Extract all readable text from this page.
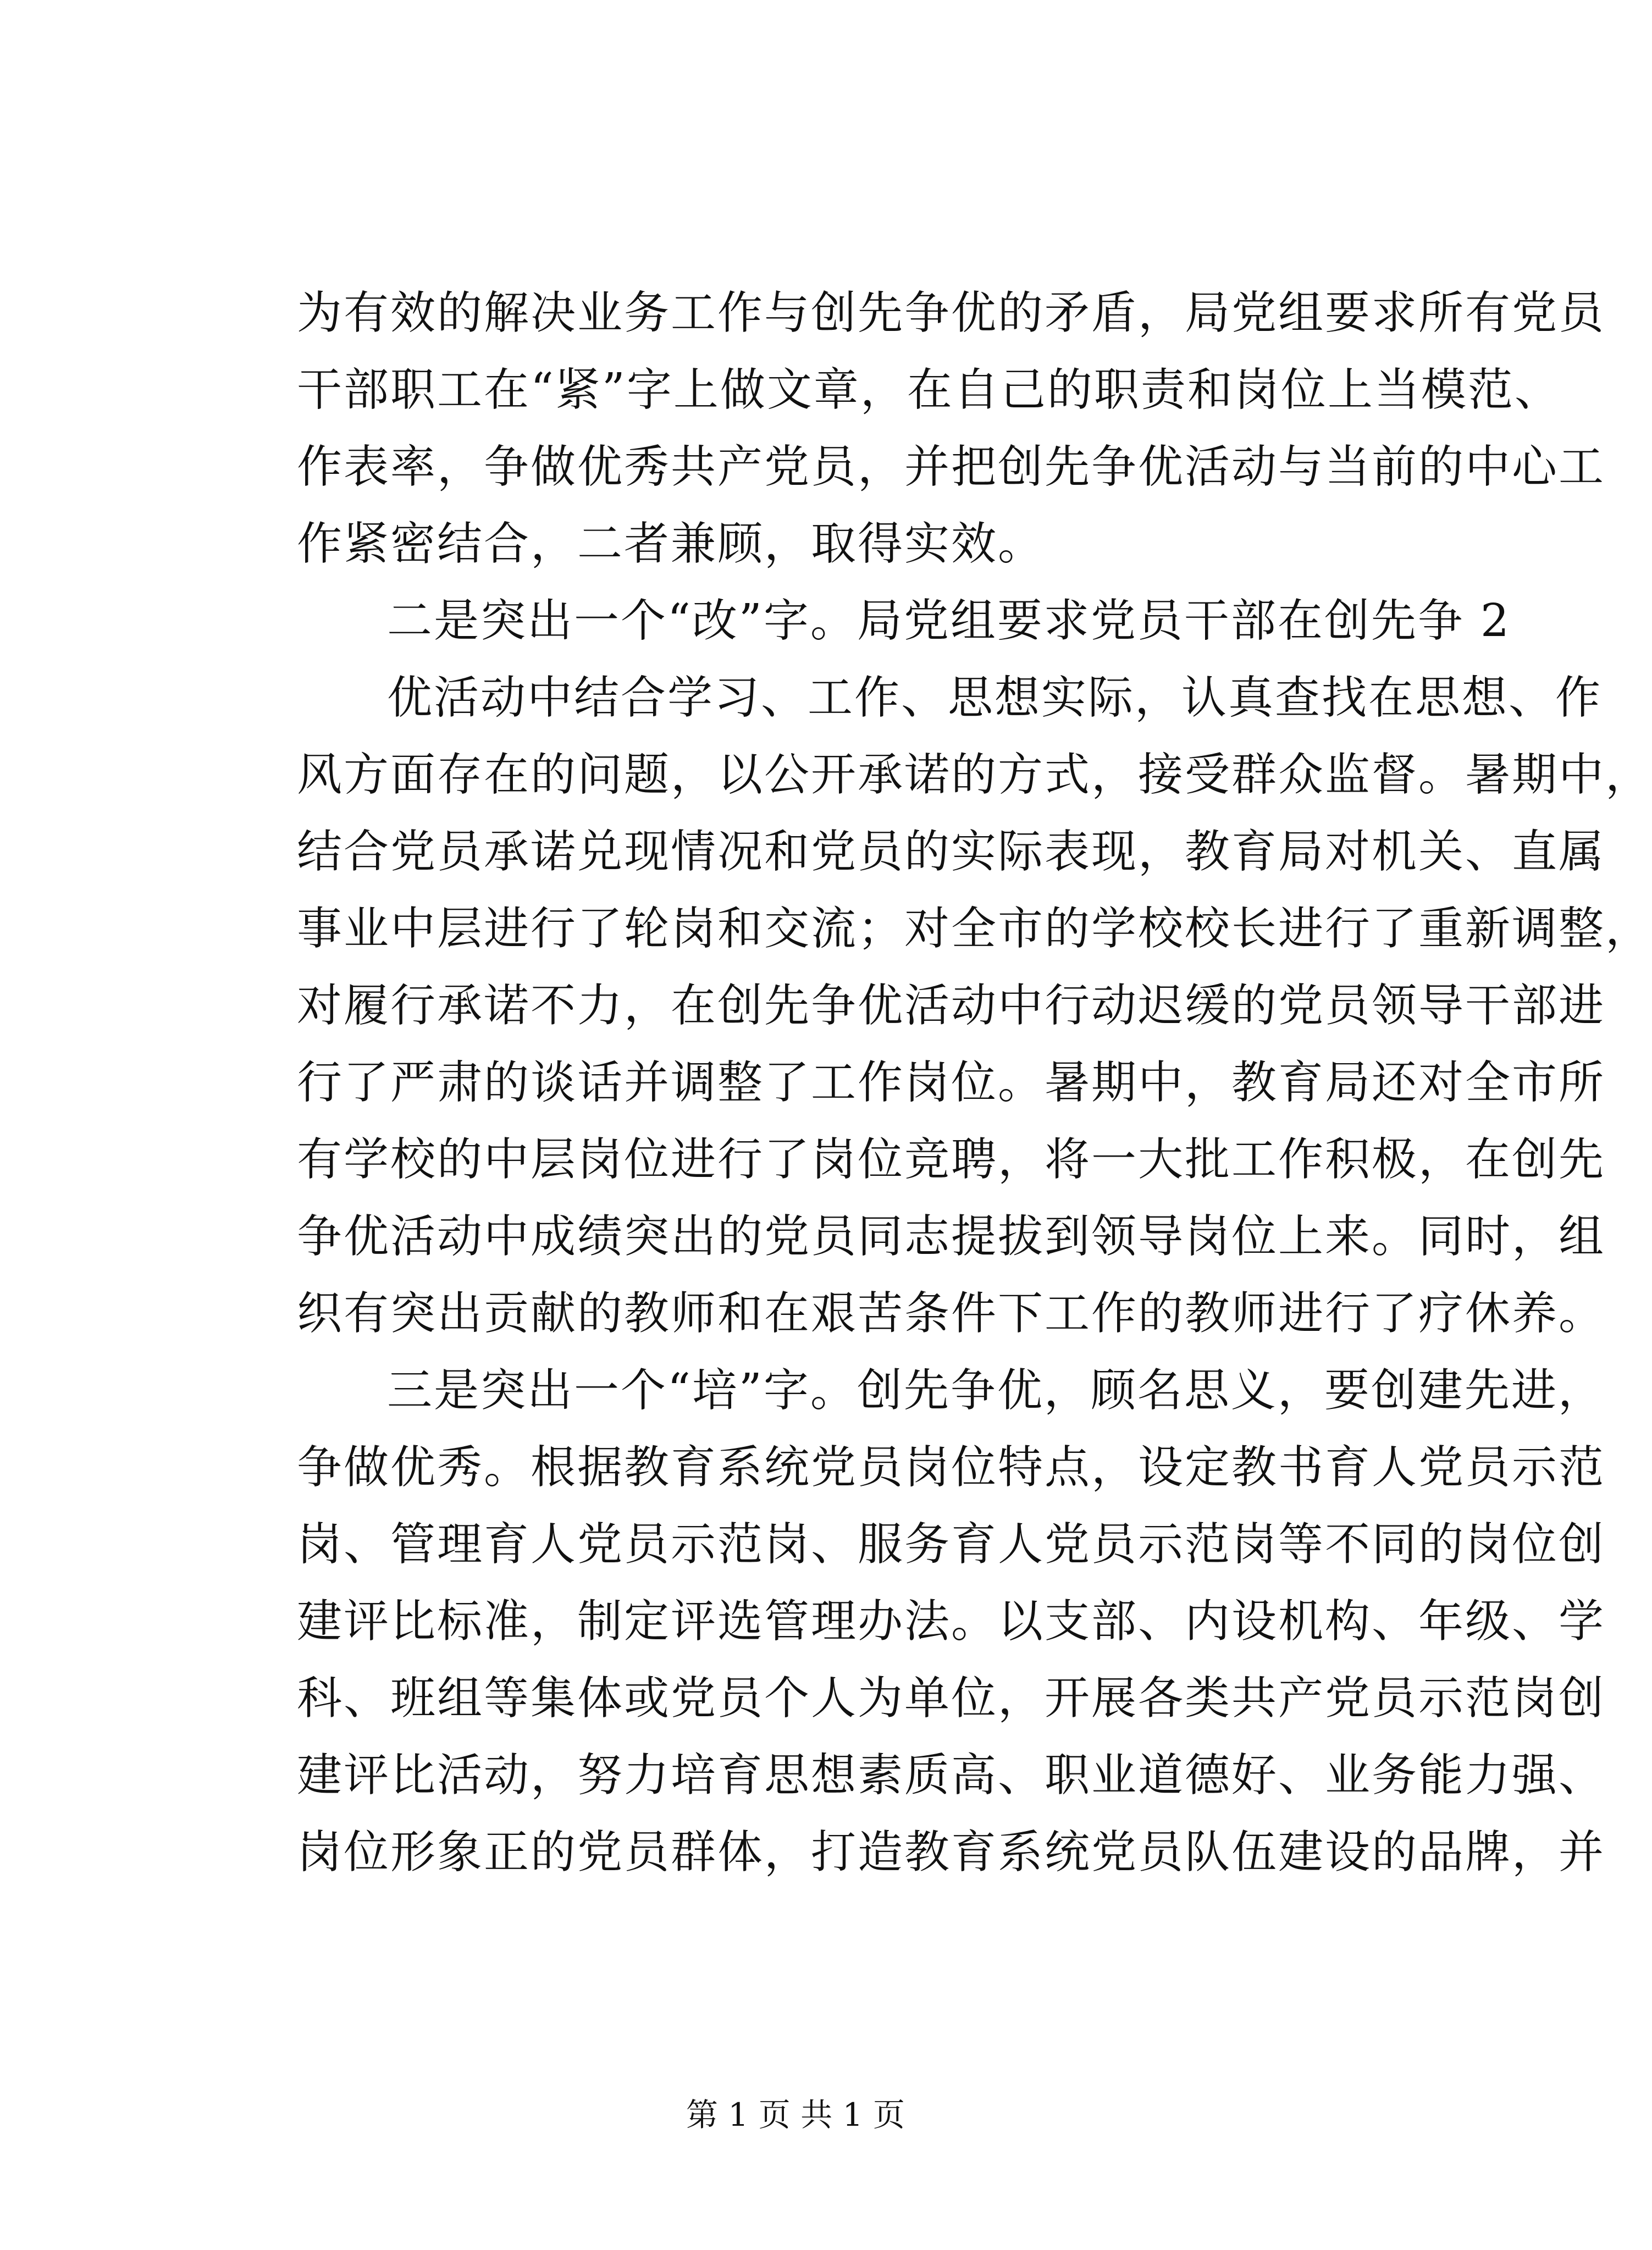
为有效的解决业务工作与创先争优的矛盾，局党组要求所有党员
干部职工在“紧”字上做文章，在自己的职责和岗位上当模范、
作表率，争做优秀共产党员，并把创先争优活动与当前的中心工
作紧密结合，二者兼顾，取得实效。

二是突出一个“改”字。局党组要求党员干部在创先争 2

优活动中结合学习、工作、思想实际，认真查找在思想、作
风方面存在的问题，以公开承诺的方式，接受群众监督。暑期中，
结合党员承诺兑现情况和党员的实际表现，教育局对机关、直属
事业中层进行了轮岗和交流；对全市的学校校长进行了重新调整，
对履行承诺不力，在创先争优活动中行动迟缓的党员领导干部进
行了严肃的谈话并调整了工作岗位。暑期中，教育局还对全市所
有学校的中层岗位进行了岗位竞聘，将一大批工作积极，在创先
争优活动中成绩突出的党员同志提拔到领导岗位上来。同时，组
织有突出贡献的教师和在艰苦条件下工作的教师进行了疗休养。

三是突出一个“培”字。创先争优，顾名思义，要创建先进，
争做优秀。根据教育系统党员岗位特点，设定教书育人党员示范
岗、管理育人党员示范岗、服务育人党员示范岗等不同的岗位创
建评比标准，制定评选管理办法。以支部、内设机构、年级、学
科、班组等集体或党员个人为单位，开展各类共产党员示范岗创
建评比活动，努力培育思想素质高、职业道德好、业务能力强、
岗位形象正的党员群体，打造教育系统党员队伍建设的品牌，并

第 1 页 共 1 页
